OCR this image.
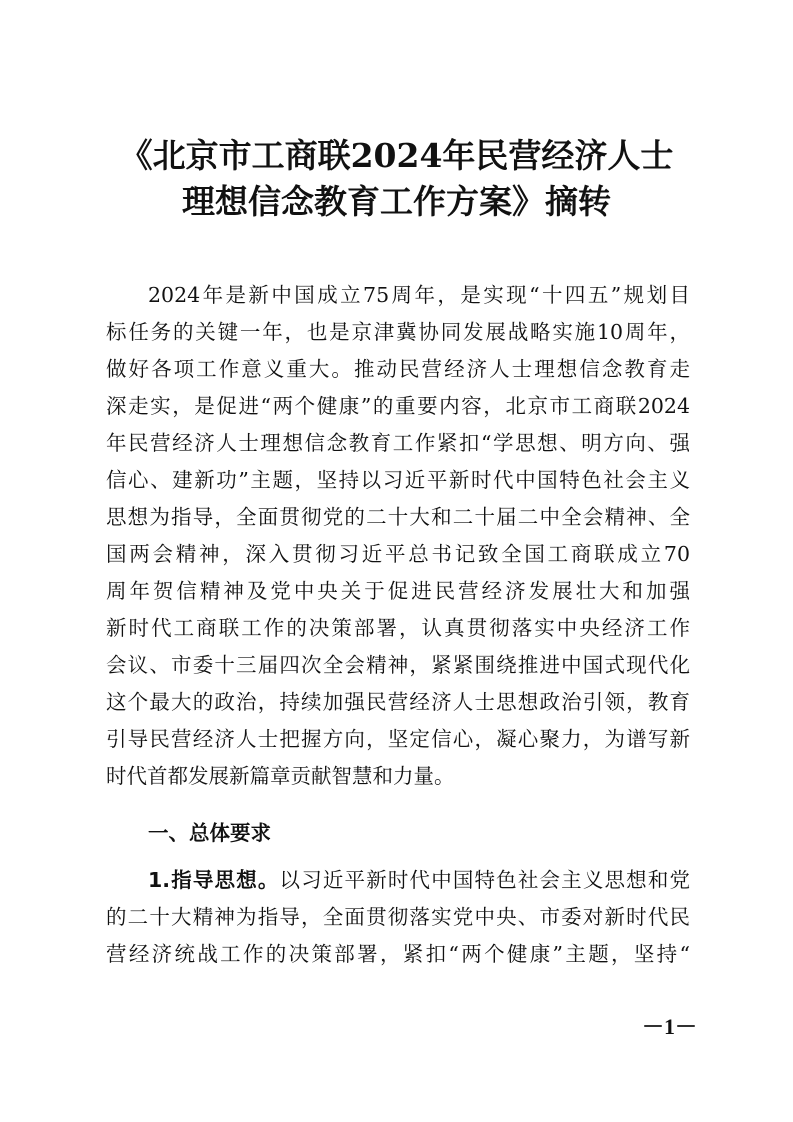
《北京市工商联2024年民营经济人士
理想信念教育工作方案》摘转
2024年是新中国成立75周年，是实现“十四五”规划目
标任务的关键一年，也是京津冀协同发展战略实施10周年，
做好各项工作意义重大。推动民营经济人士理想信念教育走
深走实，是促进“两个健康”的重要内容，北京市工商联2024
年民营经济人士理想信念教育工作紧扣“学思想、明方向、强
信心、建新功”主题，坚持以习近平新时代中国特色社会主义
思想为指导，全面贯彻党的二十大和二十届二中全会精神、全
国两会精神，深入贯彻习近平总书记致全国工商联成立70
周年贺信精神及党中央关于促进民营经济发展壮大和加强
新时代工商联工作的决策部署，认真贯彻落实中央经济工作
会议、市委十三届四次全会精神，紧紧围绕推进中国式现代化
这个最大的政治，持续加强民营经济人士思想政治引领，教育
引导民营经济人士把握方向，坚定信心，凝心聚力，为谱写新
时代首都发展新篇章贡献智慧和力量。
一、总体要求
1.指导思想。以习近平新时代中国特色社会主义思想和党
的二十大精神为指导，全面贯彻落实党中央、市委对新时代民
营经济统战工作的决策部署，紧扣“两个健康”主题，坚持“
－1－
